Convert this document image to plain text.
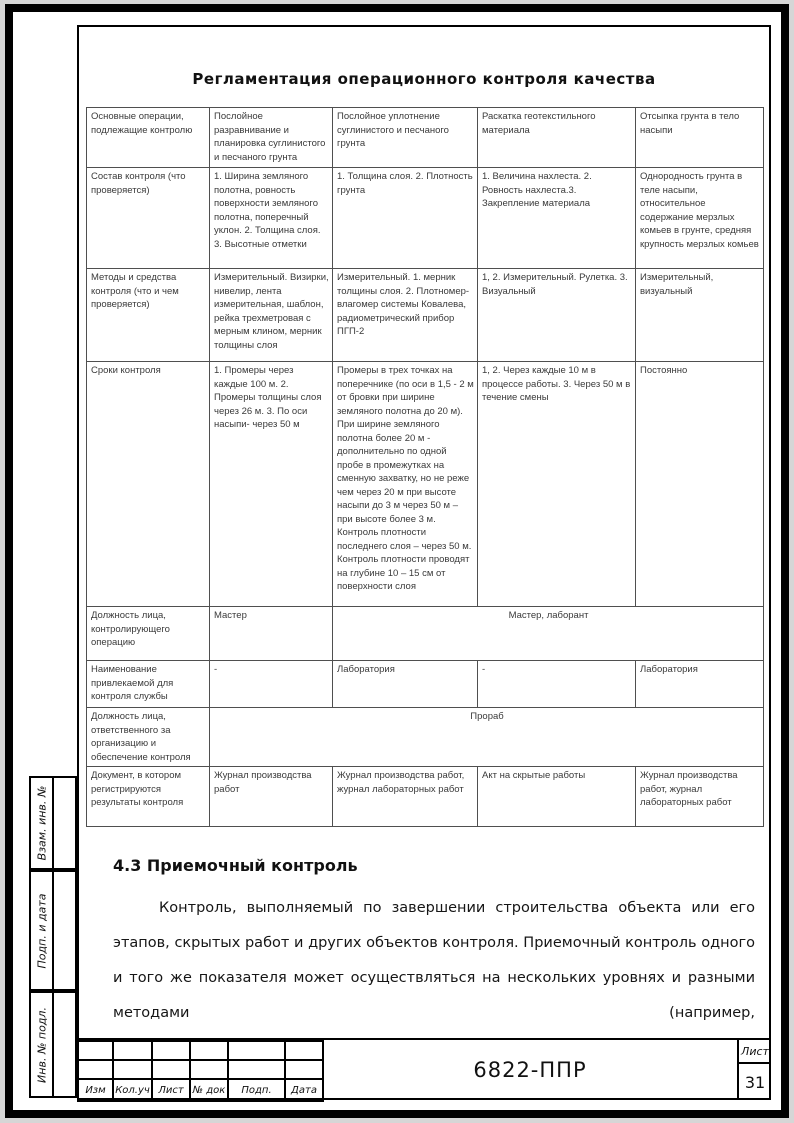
Регламентация операционного контроля качества
Основные операции, подлежащие контролю	Послойное разравнивание и планировка суглинистого и песчаного грунта	Послойное уплотнение суглинистого и песчаного грунта	Раскатка геотекстильного материала	Отсыпка грунта в тело насыпи
Состав контроля (что проверяется)	1. Ширина земляного полотна, ровность поверхности земляного полотна, поперечный уклон. 2. Толщина слоя. 3. Высотные отметки	1. Толщина слоя. 2. Плотность грунта	1. Величина нахлеста. 2. Ровность нахлеста.3. Закрепление материала	Однородность грунта в теле насыпи, относительное содержание мерзлых комьев в грунте, средняя крупность мерзлых комьев
Методы и средства контроля (что и чем проверяется)	Измерительный. Визирки, нивелир, лента измерительная, шаблон, рейка трехметровая с мерным клином, мерник толщины слоя	Измерительный. 1. мерник толщины слоя. 2. Плотномер-влагомер системы Ковалева, радиометрический прибор ПГП-2	1, 2. Измерительный. Рулетка. 3. Визуальный	Измерительный, визуальный
Сроки контроля	1. Промеры через каждые 100 м. 2. Промеры толщины слоя через 26 м. 3. По оси насыпи- через 50 м	Промеры в трех точках на поперечнике (по оси в 1,5 - 2 м от бровки при ширине земляного полотна до 20 м). При ширине земляного полотна более 20 м - дополнительно по одной пробе в промежутках на сменную захватку, но не реже чем через 20 м при высоте насыпи до 3 м через 50 м – при высоте более 3 м. Контроль плотности последнего слоя – через 50 м. Контроль плотности проводят на глубине 10 – 15 см от поверхности слоя	1, 2. Через каждые 10 м в процессе работы. 3. Через 50 м в течение смены	Постоянно
Должность лица, контролирующего операцию	Мастер	Мастер, лаборант		
Наименование привлекаемой для контроля службы	-	Лаборатория	-	Лаборатория
Должность лица, ответственного за организацию и обеспечение контроля	Прораб			
Документ, в котором регистрируются результаты контроля	Журнал производства работ	Журнал производства работ, журнал лабораторных работ	Акт на скрытые работы	Журнал производства работ, журнал лабораторных работ
4.3 Приемочный контроль
Контроль, выполняемый по завершении строительства объекта или его этапов, скрытых работ и других объектов контроля. Приемочный контроль одного и того же показателя может осуществляться на нескольких уровнях и разными методами (например,
Взам. инв. №
Подп. и дата
Инв. № подл.

Изм	Кол.уч	Лист	№ док	Подп.	Дата
6822-ППР
Лист
31
